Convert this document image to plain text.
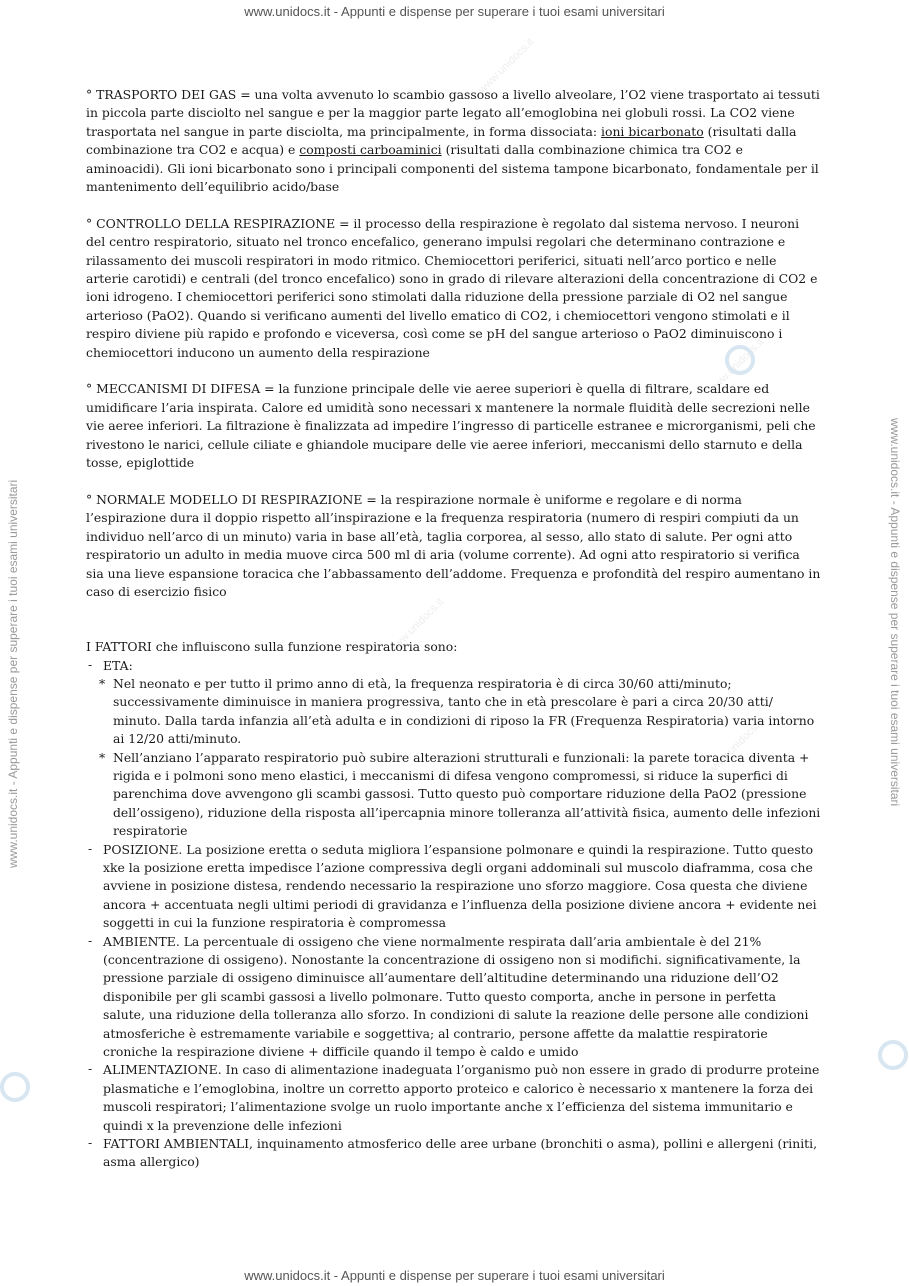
www.unidocs.it - Appunti e dispense per superare i tuoi esami universitari
www.unidocs.it - Appunti e dispense per superare i tuoi esami universitari
www.unidocs.it - Appunti e dispense per superare i tuoi esami universitari	www.unidocs.it - Appunti e dispense per superare i tuoi esami universitari
www.unidocs.it
www.unidocs.it
www.unidocs.it
www.unidocs.it

° TRASPORTO DEI GAS = una volta avvenuto lo scambio gassoso a livello alveolare, l’O2 viene trasportato ai tessuti in piccola parte disciolto nel sangue e per la maggior parte legato all’emoglobina nei globuli rossi. La CO2 viene trasportata nel sangue in parte disciolta, ma principalmente, in forma dissociata: ioni bicarbonato (risultati dalla combinazione tra CO2 e acqua) e composti carboaminici (risultati dalla combinazione chimica tra CO2 e aminoacidi). Gli ioni bicarbonato sono i principali componenti del sistema tampone bicarbonato, fondamentale per il mantenimento dell’equilibrio acido/base

° CONTROLLO DELLA RESPIRAZIONE = il processo della respirazione è regolato dal sistema nervoso. I neuroni del centro respiratorio, situato nel tronco encefalico, generano impulsi regolari che determinano contrazione e rilassamento dei muscoli respiratori in modo ritmico. Chemiocettori periferici, situati nell’arco portico e nelle arterie carotidi) e centrali (del tronco encefalico) sono in grado di rilevare alterazioni della concentrazione di CO2 e ioni idrogeno. I chemiocettori periferici sono stimolati dalla riduzione della pressione parziale di O2 nel sangue arterioso (PaO2). Quando si verificano aumenti del livello ematico di CO2, i chemiocettori vengono stimolati e il respiro diviene più rapido e profondo e viceversa, così come se pH del sangue arterioso o PaO2 diminuiscono i chemiocettori inducono un aumento della respirazione

° MECCANISMI DI DIFESA = la funzione principale delle vie aeree superiori è quella di filtrare, scaldare ed umidificare l’aria inspirata. Calore ed umidità sono necessari x mantenere la normale fluidità delle secrezioni nelle vie aeree inferiori. La filtrazione è finalizzata ad impedire l’ingresso di particelle estranee e microrganismi, peli che rivestono le narici, cellule ciliate e ghiandole mucipare delle vie aeree inferiori, meccanismi dello starnuto e della tosse, epiglottide

° NORMALE MODELLO DI RESPIRAZIONE = la respirazione normale è uniforme e regolare e di norma l’espirazione dura il doppio rispetto all’inspirazione e la frequenza respiratoria (numero di respiri compiuti da un individuo nell’arco di un minuto) varia in base all’età, taglia corporea, al sesso, allo stato di salute. Per ogni atto respiratorio un adulto in media muove circa 500 ml di aria (volume corrente). Ad ogni atto respiratorio si verifica sia una lieve espansione toracica che l’abbassamento dell’addome. Frequenza e profondità del respiro aumentano in caso di esercizio fisico

I FATTORI che influiscono sulla funzione respiratoria sono:
- ETA:
* Nel neonato e per tutto il primo anno di età, la frequenza respiratoria è di circa 30/60 atti/minuto; successivamente diminuisce in maniera progressiva, tanto che in età prescolare è pari a circa 20/30 atti/ minuto. Dalla tarda infanzia all’età adulta e in condizioni di riposo la FR (Frequenza Respiratoria) varia intorno ai 12/20 atti/minuto.
* Nell’anziano l’apparato respiratorio può subire alterazioni strutturali e funzionali: la parete toracica diventa + rigida e i polmoni sono meno elastici, i meccanismi di difesa vengono compromessi, si riduce la superfici di parenchima dove avvengono gli scambi gassosi. Tutto questo può comportare riduzione della PaO2 (pressione dell’ossigeno), riduzione della risposta all’ipercapnia minore tolleranza all’attività fisica, aumento delle infezioni respiratorie
- POSIZIONE. La posizione eretta o seduta migliora l’espansione polmonare e quindi la respirazione. Tutto questo xke la posizione eretta impedisce l’azione compressiva degli organi addominali sul muscolo diaframma, cosa che avviene in posizione distesa, rendendo necessario la respirazione uno sforzo maggiore. Cosa questa che diviene ancora + accentuata negli ultimi periodi di gravidanza e l’influenza della posizione diviene ancora + evidente nei soggetti in cui la funzione respiratoria è compromessa
- AMBIENTE. La percentuale di ossigeno che viene normalmente respirata dall’aria ambientale è del 21% (concentrazione di ossigeno). Nonostante la concentrazione di ossigeno non si modifichi. significativamente, la pressione parziale di ossigeno diminuisce all’aumentare dell’altitudine determinando una riduzione dell’O2 disponibile per gli scambi gassosi a livello polmonare. Tutto questo comporta, anche in persone in perfetta salute, una riduzione della tolleranza allo sforzo. In condizioni di salute la reazione delle persone alle condizioni atmosferiche è estremamente variabile e soggettiva; al contrario, persone affette da malattie respiratorie croniche la respirazione diviene + difficile quando il tempo è caldo e umido
- ALIMENTAZIONE. In caso di alimentazione inadeguata l’organismo può non essere in grado di produrre proteine plasmatiche e l’emoglobina, inoltre un corretto apporto proteico e calorico è necessario x mantenere la forza dei muscoli respiratori; l’alimentazione svolge un ruolo importante anche x l’efficienza del sistema immunitario e quindi x la prevenzione delle infezioni
- FATTORI AMBIENTALI, inquinamento atmosferico delle aree urbane (bronchiti o asma), pollini e allergeni (riniti, asma allergico)
